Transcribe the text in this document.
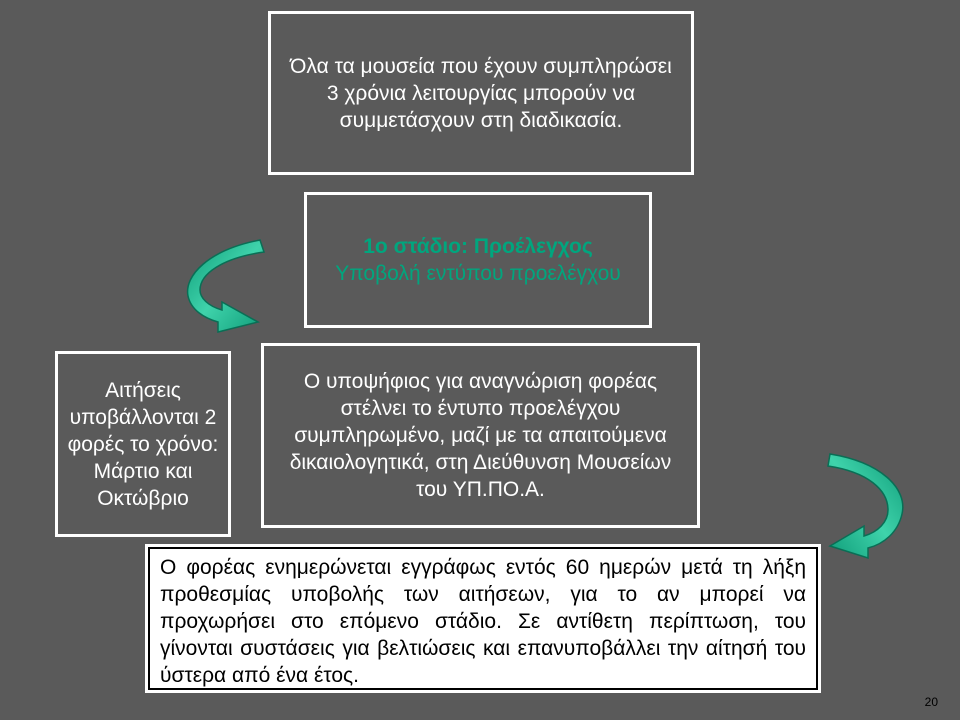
Όλα τα μουσεία που έχουν συμπληρώσει 3 χρόνια λειτουργίας μπορούν να συμμετάσχουν στη διαδικασία.
1ο στάδιο: Προέλεγχος
Υποβολή εντύπου προελέγχου
Αιτήσεις υποβάλλονται 2 φορές το χρόνο: Μάρτιο και Οκτώβριο
Ο υποψήφιος για αναγνώριση φορέας στέλνει το έντυπο προελέγχου συμπληρωμένο, μαζί με τα απαιτούμενα δικαιολογητικά, στη Διεύθυνση Μουσείων του ΥΠ.ΠΟ.Α.

Ο φορέας ενημερώνεται εγγράφως εντός 60 ημερών μετά τη λήξη προθεσμίας υποβολής των αιτήσεων, για το αν μπορεί να προχωρήσει στο επόμενο στάδιο. Σε αντίθετη περίπτωση, του γίνονται συστάσεις για βελτιώσεις και επανυποβάλλει την αίτησή του ύστερα από ένα έτος.

20
